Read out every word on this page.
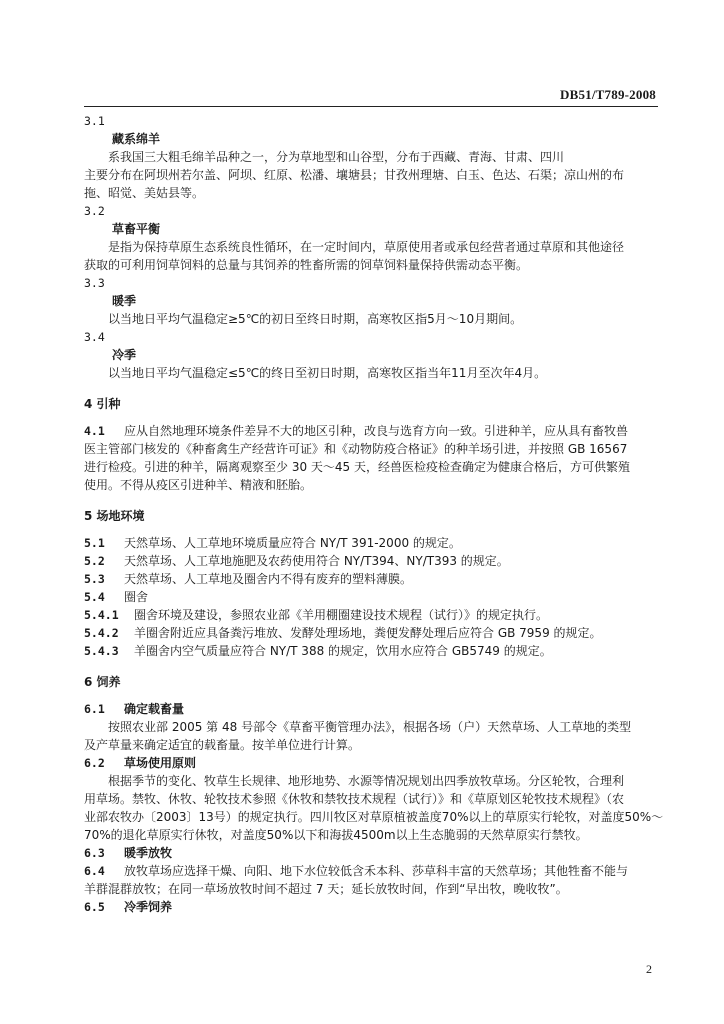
DB51/T789-2008
3.1
藏系绵羊
系我国三大粗毛绵羊品种之一，分为草地型和山谷型，分布于西藏、青海、甘肃、四川
主要分布在阿坝州若尔盖、阿坝、红原、松潘、壤塘县；甘孜州理塘、白玉、色达、石渠；凉山州的布
拖、昭觉、美姑县等。
3.2
草畜平衡
是指为保持草原生态系统良性循环，在一定时间内，草原使用者或承包经营者通过草原和其他途径
获取的可利用饲草饲料的总量与其饲养的牲畜所需的饲草饲料量保持供需动态平衡。
3.3
暖季
以当地日平均气温稳定≥5℃的初日至终日时期，高寒牧区指5月～10月期间。
3.4
冷季
以当地日平均气温稳定≤5℃的终日至初日时期，高寒牧区指当年11月至次年4月。
4 引种
4.1	应从自然地理环境条件差异不大的地区引种，改良与选育方向一致。引进种羊，应从具有畜牧兽
医主管部门核发的《种畜禽生产经营许可证》和《动物防疫合格证》的种羊场引进，并按照 GB 16567
进行检疫。引进的种羊，隔离观察至少 30 天～45 天，经兽医检疫检查确定为健康合格后，方可供繁殖
使用。不得从疫区引进种羊、精液和胚胎。
5 场地环境
5.1	天然草场、人工草地环境质量应符合 NY/T 391-2000 的规定。
5.2	天然草场、人工草地施肥及农药使用符合 NY/T394、NY/T393 的规定。
5.3	天然草场、人工草地及圈舍内不得有废弃的塑料薄膜。
5.4	圈舍
5.4.1	圈舍环境及建设，参照农业部《羊用棚圈建设技术规程（试行）》的规定执行。
5.4.2	羊圈舍附近应具备粪污堆放、发酵处理场地，粪便发酵处理后应符合 GB 7959 的规定。
5.4.3	羊圈舍内空气质量应符合 NY/T 388 的规定，饮用水应符合 GB5749 的规定。
6 饲养
6.1	确定载畜量
按照农业部 2005 第 48 号部令《草畜平衡管理办法》，根据各场（户）天然草场、人工草地的类型
及产草量来确定适宜的载畜量。按羊单位进行计算。
6.2	草场使用原则
根据季节的变化、牧草生长规律、地形地势、水源等情况规划出四季放牧草场。分区轮牧，合理利
用草场。禁牧、休牧、轮牧技术参照《休牧和禁牧技术规程（试行）》和《草原划区轮牧技术规程》（农
业部农牧办〔2003〕13号）的规定执行。四川牧区对草原植被盖度70%以上的草原实行轮牧，对盖度50%～
70%的退化草原实行休牧，对盖度50%以下和海拔4500m以上生态脆弱的天然草原实行禁牧。
6.3	暖季放牧
6.4	放牧草场应选择干燥、向阳、地下水位较低含禾本科、莎草科丰富的天然草场；其他牲畜不能与
羊群混群放牧；在同一草场放牧时间不超过 7 天；延长放牧时间，作到“早出牧，晚收牧”。
6.5	冷季饲养
2
